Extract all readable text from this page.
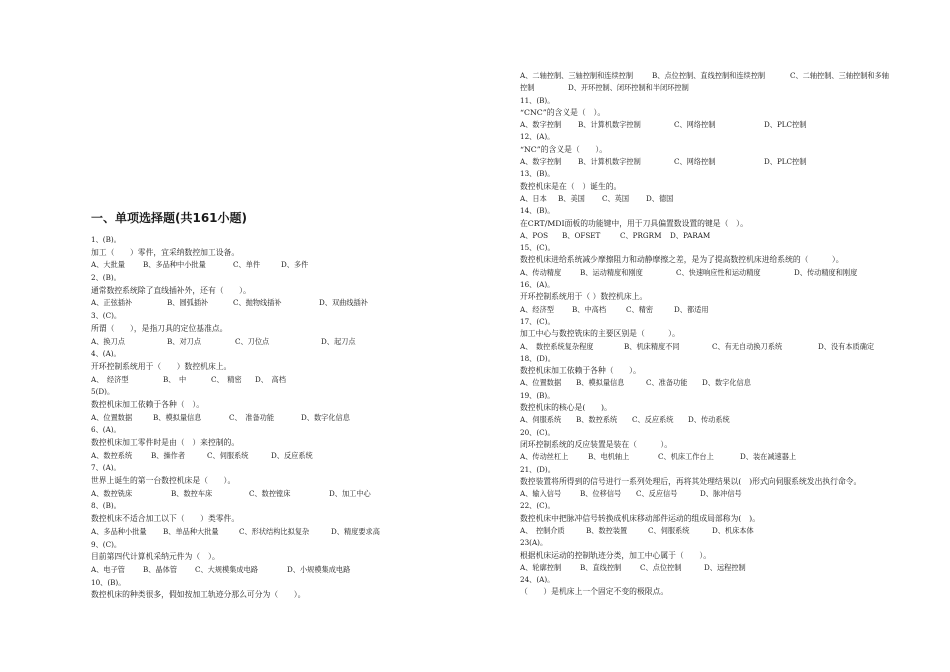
一、单项选择题(共161小题)
1、(B)。
加工（　　）零件，宜采纳数控加工设备。
A、大批量	B、多品种中小批量	C、单件	D、多件
2、(B)。
通常数控系统除了直线插补外，还有（　　）。
A、正弦插补	B、圆弧插补	C、抛物线插补	D、双曲线插补
3、(C)。
所谓（　　），是指刀具的定位基准点。
A、换刀点	B、对刀点	C、刀位点	D、起刀点
4、(A)。
开环控制系统用于（　　）数控机床上。
A、　经济型	B、　中	C、　精密	D、　高档
5(D)。
数控机床加工依赖于各种（　）。
A、位置数据	B、模拟量信息	C、　准备功能	D、数字化信息
6、(A)。
数控机床加工零件时是由（　）来控制的。
A、数控系统	B、操作者	C、伺服系统	D、反应系统
7、(A)。
世界上诞生的第一台数控机床是（　　）。
A、数控铣床	B、数控车床	C、数控镗床	D、加工中心
8、(B)。
数控机床不适合加工以下（　　）类零件。
A、多品种小批量	B、单品种大批量	C、形状结构比拟复杂	D、精度要求高
9、(C)。
目前第四代计算机采纳元件为（　）。
A、电子管	B、晶体管	C、大规模集成电路	D、小规模集成电路
10、(B)。
数控机床的种类很多，假如按加工轨迹分那么可分为（　　）。
A、二轴控制、三轴控制和连续控制	B、点位控制、直线控制和连续控制	C、二轴控制、三轴控制和多轴
控制	D、开环控制、闭环控制和半闭环控制
11、(B)。
“CNC”的含义是（　）。
A、数字控制	B、计算机数字控制	C、网络控制	D、PLC控制
12、(A)。
“NC”的含义是（　　）。
A、数字控制	B、计算机数字控制	C、网络控制	D、PLC控制
13、(B)。
数控机床是在（　）诞生的。
A、日本	B、美国	C、英国	D、德国
14、(B)。
在CRT/MDI面板的功能键中，用于刀具偏置数设置的键是（　）。
A、POS	B、OFSET	C、PRGRM	D、PARAM
15、(C)。
数控机床进给系统减少摩擦阻力和动静摩擦之差，是为了提高数控机床进给系统的（　　　）。
A、传动精度	B、运动精度和刚度	C、快速响应性和运动精度	D、传动精度和刚度
16、(A)。
开环控制系统用于（ ）数控机床上。
A、经济型	B、中高档	C、精密	D、都适用
17、(C)。
加工中心与数控铣床的主要区别是（　　　）。
A、　数控系统复杂程度	B、机床精度不同	C、有无自动换刀系统	D、没有本质确定
18、(D)。
数控机床加工依赖于各种（　　）。
A、位置数据	B、模拟量信息	C、准备功能	D、数字化信息
19、(B)。
数控机床的核心是(　　)。
A、伺服系统	B、数控系统	C、反应系统	D、传动系统
20、(C)。
闭环控制系统的反应装置是装在（　　　）。
A、传动丝杠上	B、电机轴上	C、机床工作台上	D、装在减速器上
21、(D)。
数控装置将所得到的信号进行一系列处理后，再将其处理结果以(　)形式向伺服系统发出执行命令。
A、输入信号	B、位移信号	C、反应信号	D、脉冲信号
22、(C)。
数控机床中把脉冲信号转换成机床移动部件运动的组成局部称为(　)。
A、　控制介质	B、数控装置	C、伺服系统	D、机床本体
23(A)。
根据机床运动的控制轨迹分类，加工中心属于（　　）。
A、轮廓控制	B、直线控制	C、点位控制	D、远程控制
24、(A)。
（　　）是机床上一个固定不变的极限点。
